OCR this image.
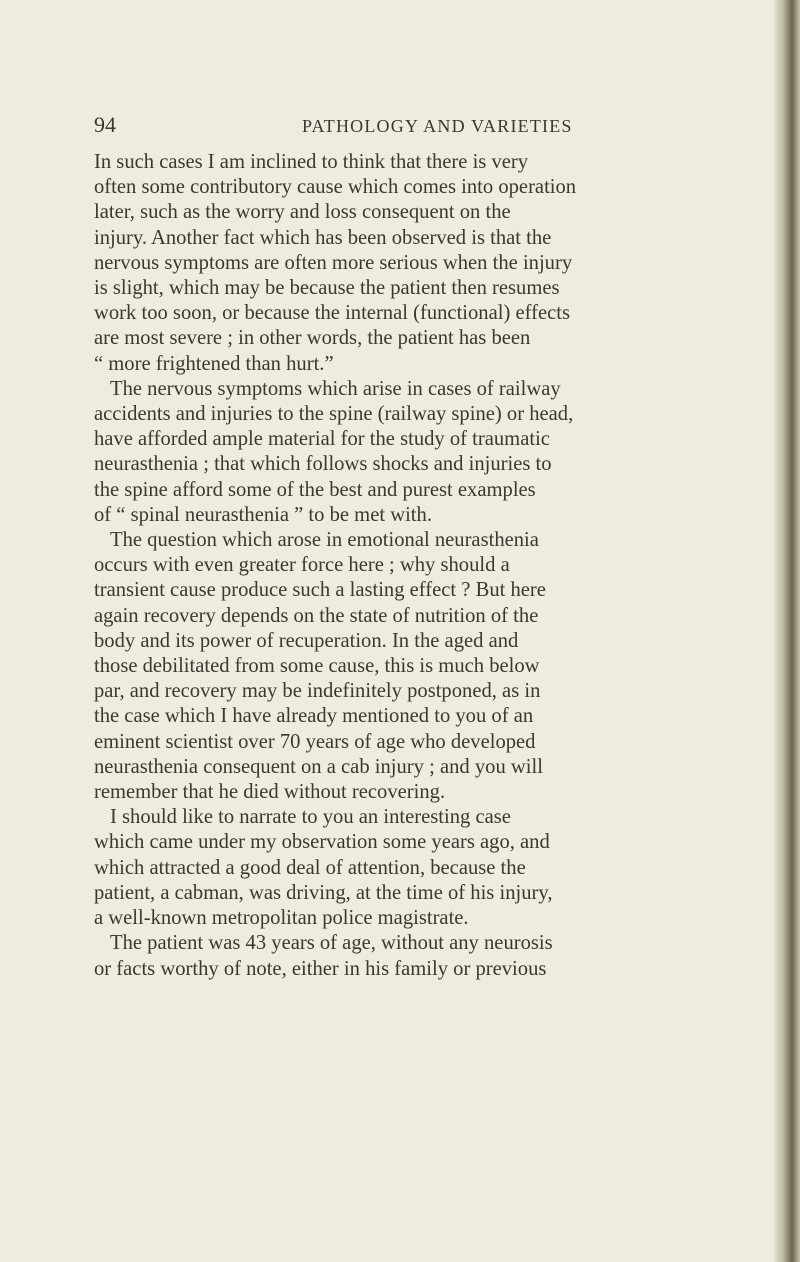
94	PATHOLOGY AND VARIETIES

In such cases I am inclined to think that there is very
often some contributory cause which comes into operation
later, such as the worry and loss consequent on the
injury. Another fact which has been observed is that the
nervous symptoms are often more serious when the injury
is slight, which may be because the patient then resumes
work too soon, or because the internal (functional) effects
are most severe ; in other words, the patient has been
“ more frightened than hurt.”

The nervous symptoms which arise in cases of railway
accidents and injuries to the spine (railway spine) or head,
have afforded ample material for the study of traumatic
neurasthenia ; that which follows shocks and injuries to
the spine afford some of the best and purest examples
of “ spinal neurasthenia ” to be met with.

The question which arose in emotional neurasthenia
occurs with even greater force here ; why should a
transient cause produce such a lasting effect ? But here
again recovery depends on the state of nutrition of the
body and its power of recuperation. In the aged and
those debilitated from some cause, this is much below
par, and recovery may be indefinitely postponed, as in
the case which I have already mentioned to you of an
eminent scientist over 70 years of age who developed
neurasthenia consequent on a cab injury ; and you will
remember that he died without recovering.

I should like to narrate to you an interesting case
which came under my observation some years ago, and
which attracted a good deal of attention, because the
patient, a cabman, was driving, at the time of his injury,
a well-known metropolitan police magistrate.

The patient was 43 years of age, without any neurosis
or facts worthy of note, either in his family or previous
